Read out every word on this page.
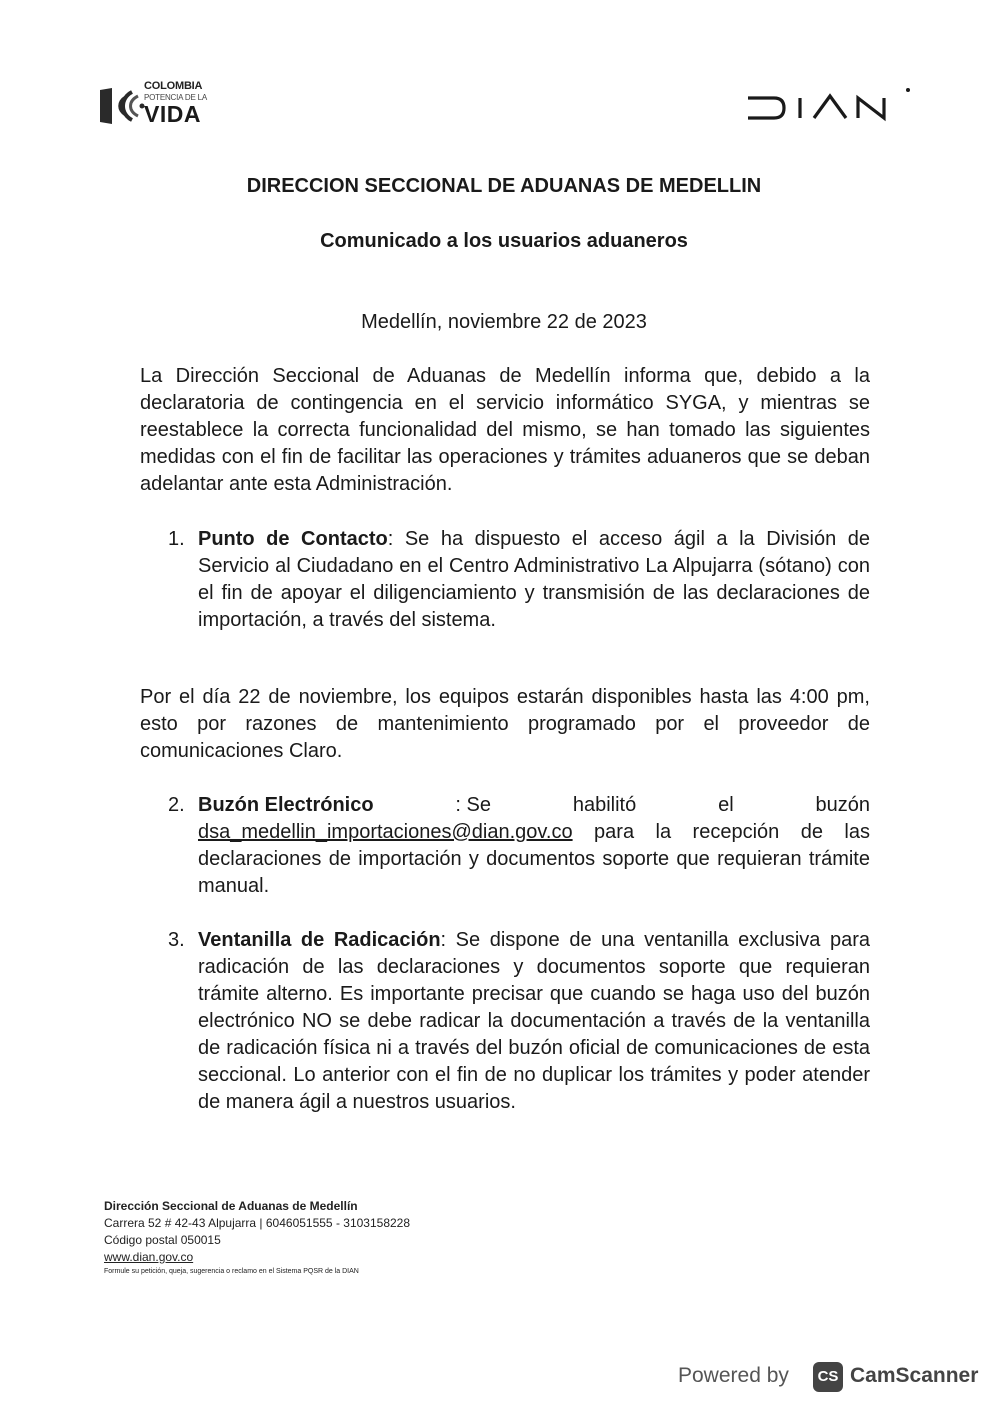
COLOMBIA
POTENCIA DE LA
VIDA
DIRECCION SECCIONAL DE ADUANAS DE MEDELLIN
Comunicado a los usuarios aduaneros
Medellín, noviembre 22 de 2023
La Dirección Seccional de Aduanas de Medellín informa que, debido a la declaratoria de contingencia en el servicio informático SYGA, y mientras se reestablece la correcta funcionalidad del mismo, se han tomado las siguientes medidas con el fin de facilitar las operaciones y trámites aduaneros que se deban adelantar ante esta Administración.
1. Punto de Contacto: Se ha dispuesto el acceso ágil a la División de Servicio al Ciudadano en el Centro Administrativo La Alpujarra (sótano) con el fin de apoyar el diligenciamiento y transmisión de las declaraciones de importación, a través del sistema.
Por el día 22 de noviembre, los equipos estarán disponibles hasta las 4:00 pm, esto por razones de mantenimiento programado por el proveedor de comunicaciones Claro.
2. Buzón Electrónico	: Se	habilitó	el	buzón
dsa_medellin_importaciones@dian.gov.co para la recepción de las declaraciones de importación y documentos soporte que requieran trámite manual.
3. Ventanilla de Radicación: Se dispone de una ventanilla exclusiva para radicación de las declaraciones y documentos soporte que requieran trámite alterno. Es importante precisar que cuando se haga uso del buzón electrónico NO se debe radicar la documentación a través de la ventanilla de radicación física ni a través del buzón oficial de comunicaciones de esta seccional. Lo anterior con el fin de no duplicar los trámites y poder atender de manera ágil a nuestros usuarios.
Dirección Seccional de Aduanas de Medellín
Carrera 52 # 42-43 Alpujarra | 6046051555 - 3103158228
Código postal 050015
www.dian.gov.co
Formule su petición, queja, sugerencia o reclamo en el Sistema PQSR de la DIAN
Powered by	CS CamScanner
